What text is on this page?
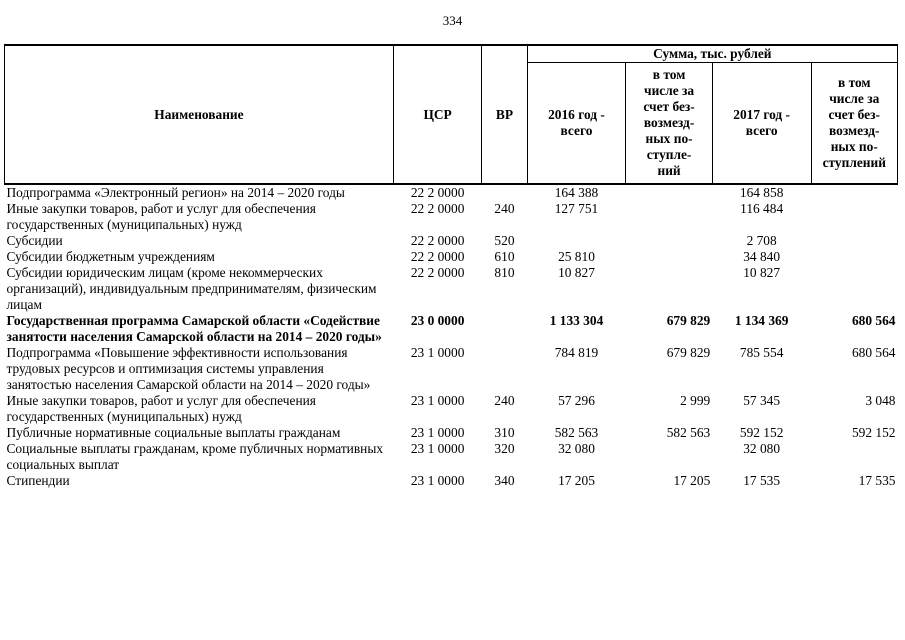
334
Наименование	ЦСР	ВР	Сумма, тыс. рублей			
			2016 год - всего	в том числе за счет без-возмезд-ных по-ступле-ний	2017 год - всего	в том числе за счет без-возмезд-ных по-ступлений
Подпрограмма «Электронный регион» на 2014 – 2020 годы	22 2 0000		164 388		164 858	
Иные закупки товаров, работ и услуг для обеспечения государственных (муниципальных) нужд	22 2 0000	240	127 751		116 484	
Субсидии	22 2 0000	520			2 708	
Субсидии бюджетным учреждениям	22 2 0000	610	25 810		34 840	
Субсидии юридическим лицам (кроме некоммерческих организаций), индивидуальным предпринимателям, физическим лицам	22 2 0000	810	10 827		10 827	
Государственная программа Самарской области «Содействие занятости населения Самарской области на 2014 – 2020 годы»	23 0 0000		1 133 304	679 829	1 134 369	680 564
Подпрограмма «Повышение эффективности использования трудовых ресурсов и оптимизация системы управления занятостью населения Самарской области на 2014 – 2020 годы»	23 1 0000		784 819	679 829	785 554	680 564
Иные закупки товаров, работ и услуг для обеспечения государственных (муниципальных) нужд	23 1 0000	240	57 296	2 999	57 345	3 048
Публичные нормативные социальные выплаты гражданам	23 1 0000	310	582 563	582 563	592 152	592 152
Социальные выплаты гражданам, кроме публичных нормативных социальных выплат	23 1 0000	320	32 080		32 080	
Стипендии	23 1 0000	340	17 205	17 205	17 535	17 535
